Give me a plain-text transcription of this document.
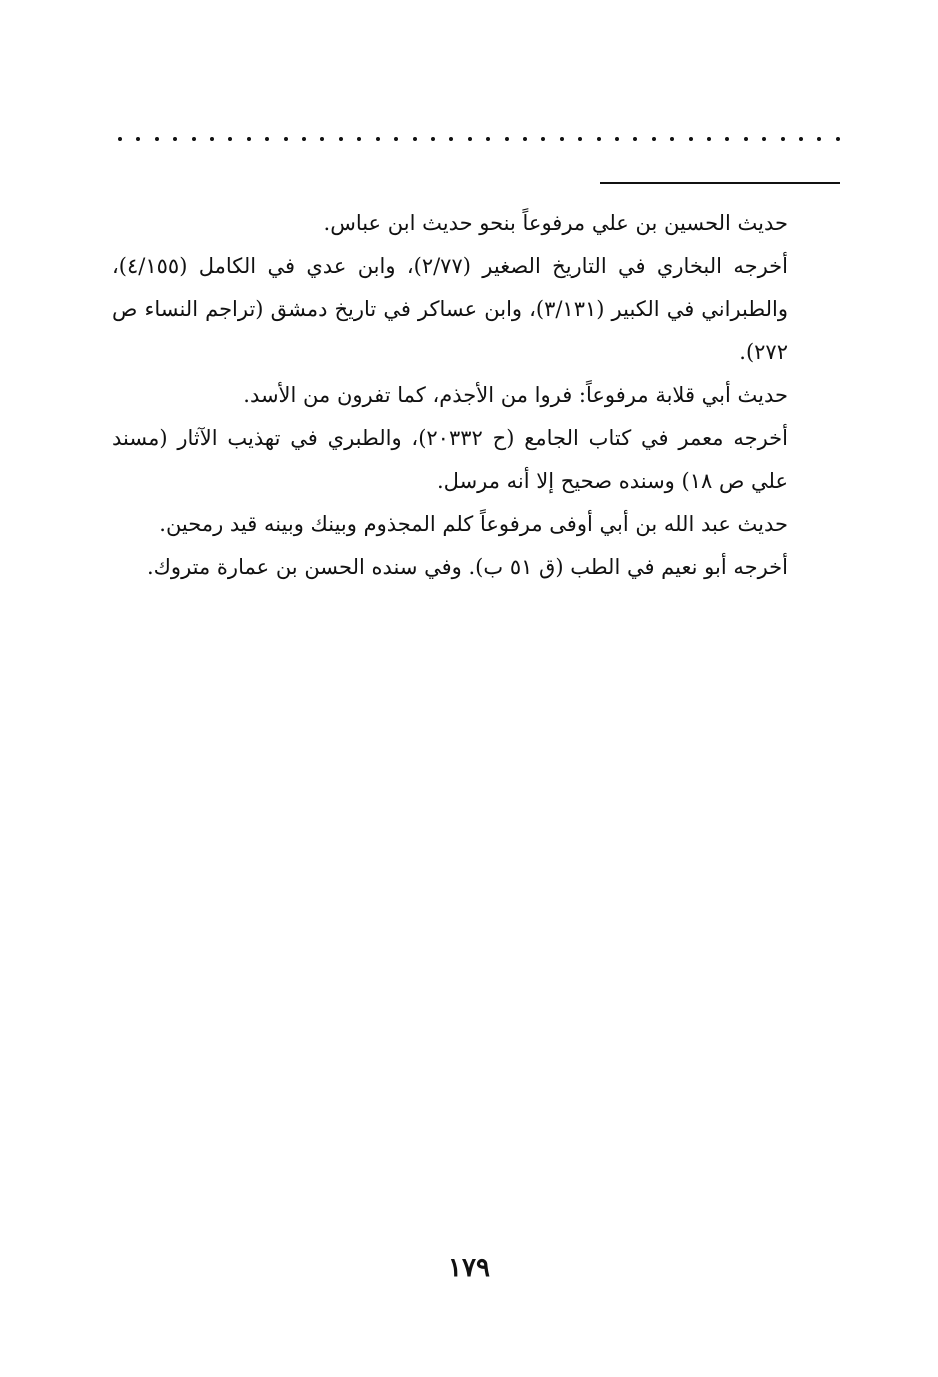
حديث الحسين بن علي مرفوعاً بنحو حديث ابن عباس.

أخرجه البخاري في التاريخ الصغير (٢/٧٧)، وابن عدي في الكامل (٤/١٥٥)، والطبراني في الكبير (٣/١٣١)، وابن عساكر في تاريخ دمشق (تراجم النساء ص ٢٧٢).

حديث أبي قلابة مرفوعاً: فروا من الأجذم، كما تفرون من الأسد.

أخرجه معمر في كتاب الجامع (ح ٢٠٣٣٢)، والطبري في تهذيب الآثار (مسند علي ص ١٨) وسنده صحيح إلا أنه مرسل.

حديث عبد الله بن أبي أوفى مرفوعاً كلم المجذوم وبينك وبينه قيد رمحين.

أخرجه أبو نعيم في الطب (ق ٥١ ب). وفي سنده الحسن بن عمارة متروك.

١٧٩
